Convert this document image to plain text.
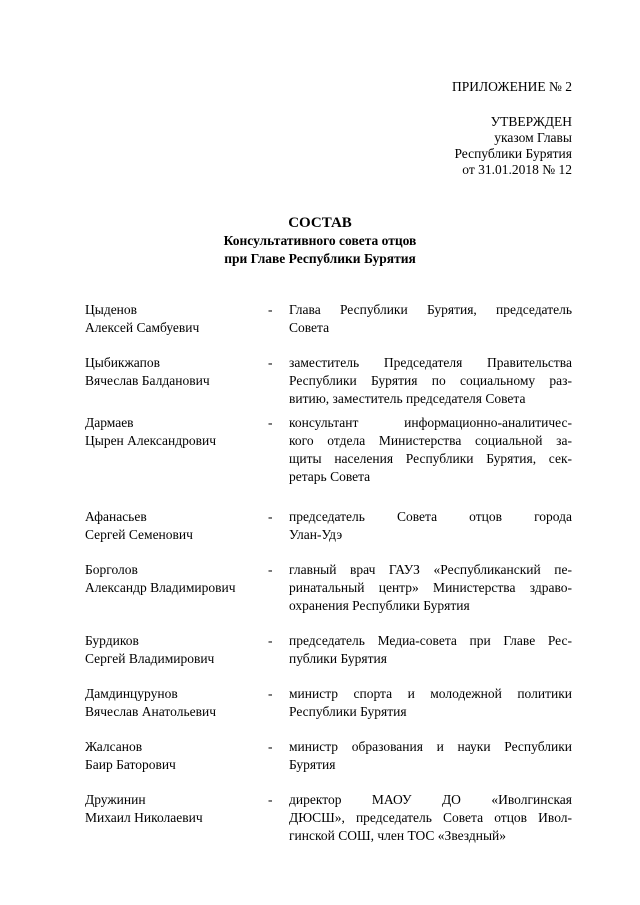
ПРИЛОЖЕНИЕ № 2
УТВЕРЖДЕН
указом Главы
Республики Бурятия
от 31.01.2018 № 12
СОСТАВ
Консультативного совета отцов
при Главе Республики Бурятия
Цыденов
Алексей Самбуевич
- Глава Республики Бурятия, председатель
Совета
Цыбикжапов
Вячеслав Балданович
- заместитель Председателя Правительства
Республики Бурятия по социальному раз-
витию, заместитель председателя Совета
Дармаев
Цырен Александрович
- консультант информационно-аналитичес-
кого отдела Министерства социальной за-
щиты населения Республики Бурятия, сек-
ретарь Совета
Афанасьев
Сергей Семенович
- председатель Совета отцов города
Улан-Удэ
Борголов
Александр Владимирович
- главный врач ГАУЗ «Республиканский пе-
ринатальный центр» Министерства здраво-
охранения Республики Бурятия
Бурдиков
Сергей Владимирович
- председатель Медиа-совета при Главе Рес-
публики Бурятия
Дамдинцурунов
Вячеслав Анатольевич
- министр спорта и молодежной политики
Республики Бурятия
Жалсанов
Баир Баторович
- министр образования и науки Республики
Бурятия
Дружинин
Михаил Николаевич
- директор МАОУ ДО «Иволгинская
ДЮСШ», председатель Совета отцов Ивол-
гинской СОШ, член ТОС «Звездный»
